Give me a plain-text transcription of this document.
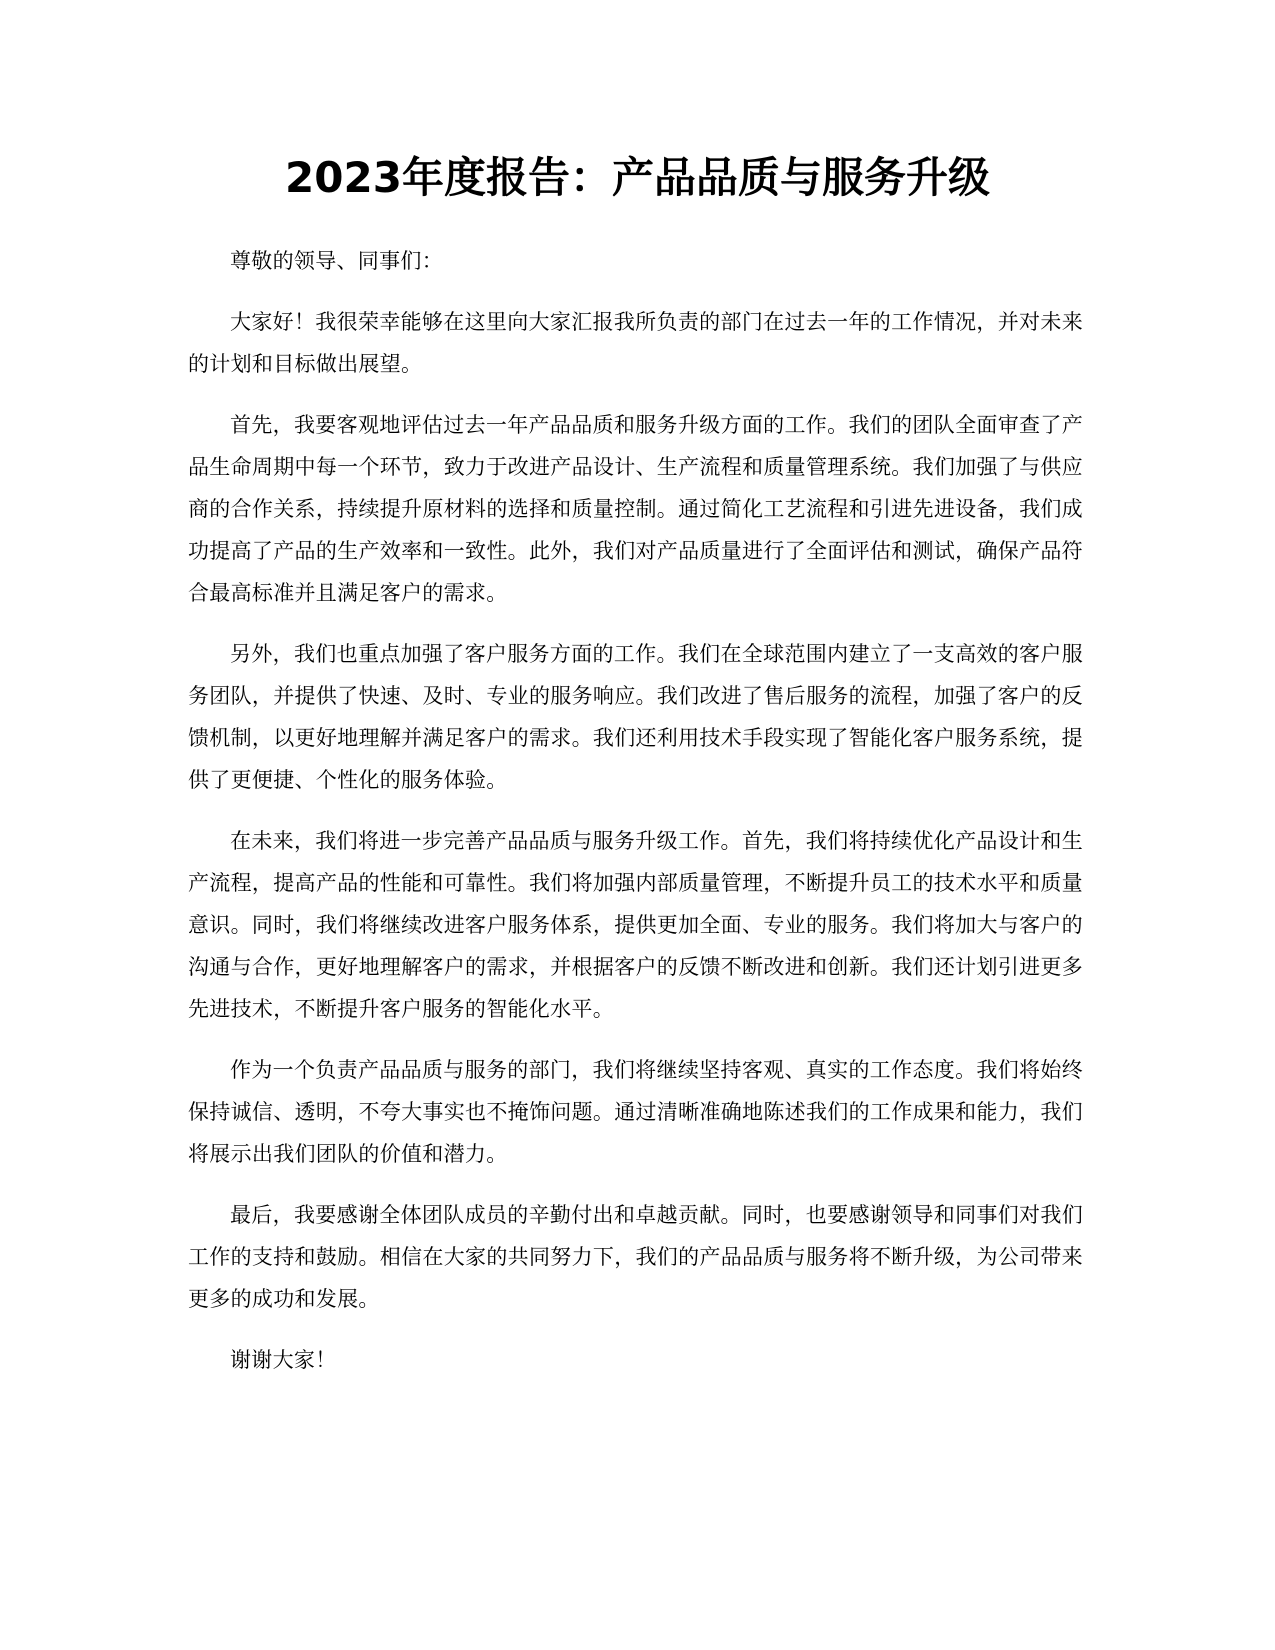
2023年度报告：产品品质与服务升级

尊敬的领导、同事们：

大家好！我很荣幸能够在这里向大家汇报我所负责的部门在过去一年的工作情况，并对未来的计划和目标做出展望。

首先，我要客观地评估过去一年产品品质和服务升级方面的工作。我们的团队全面审查了产品生命周期中每一个环节，致力于改进产品设计、生产流程和质量管理系统。我们加强了与供应商的合作关系，持续提升原材料的选择和质量控制。通过简化工艺流程和引进先进设备，我们成功提高了产品的生产效率和一致性。此外，我们对产品质量进行了全面评估和测试，确保产品符合最高标准并且满足客户的需求。

另外，我们也重点加强了客户服务方面的工作。我们在全球范围内建立了一支高效的客户服务团队，并提供了快速、及时、专业的服务响应。我们改进了售后服务的流程，加强了客户的反馈机制，以更好地理解并满足客户的需求。我们还利用技术手段实现了智能化客户服务系统，提供了更便捷、个性化的服务体验。

在未来，我们将进一步完善产品品质与服务升级工作。首先，我们将持续优化产品设计和生产流程，提高产品的性能和可靠性。我们将加强内部质量管理，不断提升员工的技术水平和质量意识。同时，我们将继续改进客户服务体系，提供更加全面、专业的服务。我们将加大与客户的沟通与合作，更好地理解客户的需求，并根据客户的反馈不断改进和创新。我们还计划引进更多先进技术，不断提升客户服务的智能化水平。

作为一个负责产品品质与服务的部门，我们将继续坚持客观、真实的工作态度。我们将始终保持诚信、透明，不夸大事实也不掩饰问题。通过清晰准确地陈述我们的工作成果和能力，我们将展示出我们团队的价值和潜力。

最后，我要感谢全体团队成员的辛勤付出和卓越贡献。同时，也要感谢领导和同事们对我们工作的支持和鼓励。相信在大家的共同努力下，我们的产品品质与服务将不断升级，为公司带来更多的成功和发展。

谢谢大家！
